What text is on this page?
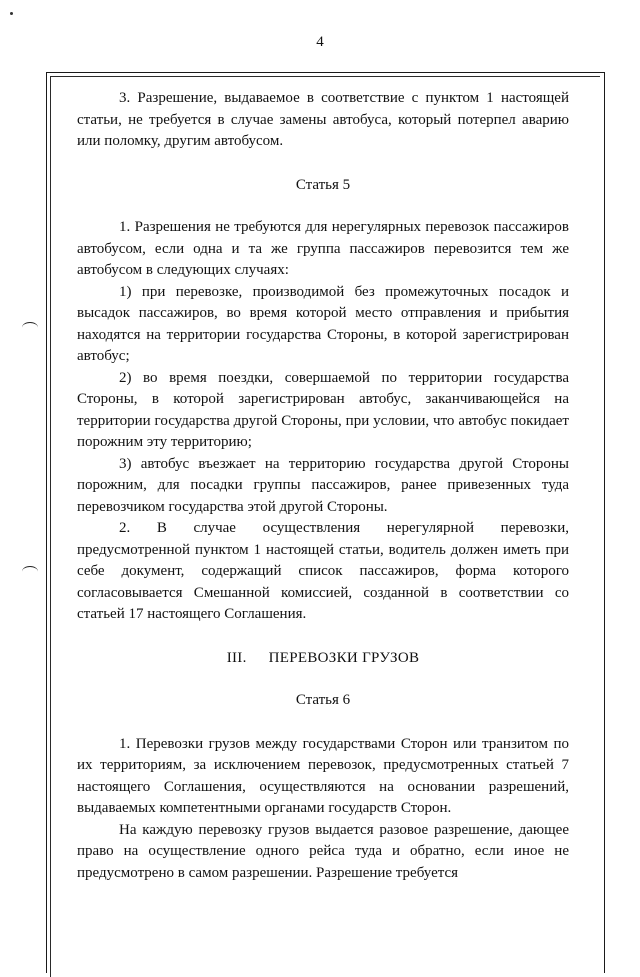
4

3. Разрешение, выдаваемое в соответствие с пунктом 1 настоящей статьи, не требуется в случае замены автобуса, который потерпел аварию или поломку, другим автобусом.

Статья 5

1. Разрешения не требуются для нерегулярных перевозок пассажиров автобусом, если одна и та же группа пассажиров перевозится тем же автобусом в следующих случаях:

1) при перевозке, производимой без промежуточных посадок и высадок пассажиров, во время которой место отправления и прибытия находятся на территории государства Стороны, в которой зарегистрирован автобус;

2) во время поездки, совершаемой по территории государства Стороны, в которой зарегистрирован автобус, заканчивающейся на территории государства другой Стороны, при условии, что автобус покидает порожним эту территорию;

3) автобус въезжает на территорию государства другой Стороны порожним, для посадки группы пассажиров, ранее привезенных туда перевозчиком государства этой другой Стороны.

2. В случае осуществления нерегулярной перевозки, предусмотренной пунктом 1 настоящей статьи, водитель должен иметь при себе документ, содержащий список пассажиров, форма которого согласовывается Смешанной комиссией, созданной в соответствии со статьей 17 настоящего Соглашения.

III. ПЕРЕВОЗКИ ГРУЗОВ

Статья 6

1. Перевозки грузов между государствами Сторон или транзитом по их территориям, за исключением перевозок, предусмотренных статьей 7 настоящего Соглашения, осуществляются на основании разрешений, выдаваемых компетентными органами государств Сторон.

На каждую перевозку грузов выдается разовое разрешение, дающее право на осуществление одного рейса туда и обратно, если иное не предусмотрено в самом разрешении. Разрешение требуется
